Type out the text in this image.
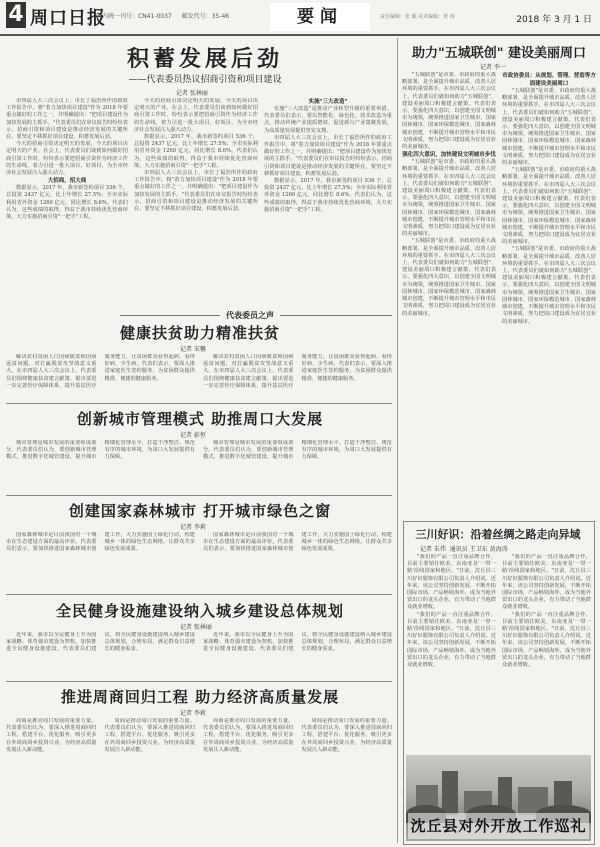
4 周口日报
国内统一刊号：CN41-0037 邮发代号：35-46	要闻	责任编辑：张 颖 美术编辑：黄 涛	2018 年 3 月 1 日
积蓄发展后劲
——代表委员热议招商引资和项目建设
记者 张林丽

市四届人大三次会议上，市长丁福浩所作的政府工作报告中，将"着力加快项目建设"作为 2018 年要重点做好的工作之一，并明确提出："把项目建设作为加快发展的主抓手。"代表委员们在审议报告时纷纷表示，招商引资和项目建设是推动经济发展的关键所在，要坚定不移抓好项目建设，积蓄发展后劲。

今天的招商引资决定明天的发展，今天的项目决定明天的产业。在会上，代表委员们谈到如何做好招商引资工作时，纷纷表示要把招商引资作为经济工作的生命线，着力引进一批大项目、好项目，为全市经济社会发展注入强大动力。

大招商，招大商

数据显示，2017 年，我市新签约项目 536 个，总投资 2437 亿元，比上年增长 27.5%；全市实际利用省外资金 1260 亿元，同比增长 8.6%。代表们认为，这些成绩的取得，得益于我市持续优化营商环境，大力实施招商引资"一把手"工程。

今天的招商引资决定明天的发展，今天的项目决定明天的产业。在会上，代表委员们谈到如何做好招商引资工作时，纷纷表示要把招商引资作为经济工作的生命线，着力引进一批大项目、好项目，为全市经济社会发展注入强大动力。

数据显示，2017 年，我市新签约项目 536 个，总投资 2437 亿元，比上年增长 27.5%；全市实际利用省外资金 1260 亿元，同比增长 8.6%。代表们认为，这些成绩的取得，得益于我市持续优化营商环境，大力实施招商引资"一把手"工程。

市四届人大三次会议上，市长丁福浩所作的政府工作报告中，将"着力加快项目建设"作为 2018 年要重点做好的工作之一，并明确提出："把项目建设作为加快发展的主抓手。"代表委员们在审议报告时纷纷表示，招商引资和项目建设是推动经济发展的关键所在，要坚定不移抓好项目建设，积蓄发展后劲。

实施"三大改造"

实施"三大改造"是推动产业转型升级的重要举措。代表委员们表示，要以智能化、绿色化、技术改造为重点，推动传统产业提质增效，促进新兴产业集聚发展，为高质量发展提供坚实支撑。

市四届人大三次会议上，市长丁福浩所作的政府工作报告中，将"着力加快项目建设"作为 2018 年要重点做好的工作之一，并明确提出："把项目建设作为加快发展的主抓手。"代表委员们在审议报告时纷纷表示，招商引资和项目建设是推动经济发展的关键所在，要坚定不移抓好项目建设，积蓄发展后劲。

数据显示，2017 年，我市新签约项目 536 个，总投资 2437 亿元，比上年增长 27.5%；全市实际利用省外资金 1260 亿元，同比增长 8.6%。代表们认为，这些成绩的取得，得益于我市持续优化营商环境，大力实施招商引资"一把手"工程。

代表委员之声
健康扶贫助力精准扶贫
记者 宋馨

解决农村贫困人口因病致贫和因病返贫问题，对打赢脱贫攻坚战意义重大。在市四届人大三次会议上，代表委员们围绕健康扶贫建言献策，提出要进一步完善医疗保障体系，提升基层医疗服务能力，让贫困群众看得起病、看得好病、少生病。代表们表示，要深入推进家庭医生签约服务，为贫困群众提供精准、便捷的健康服务。

解决农村贫困人口因病致贫和因病返贫问题，对打赢脱贫攻坚战意义重大。在市四届人大三次会议上，代表委员们围绕健康扶贫建言献策，提出要进一步完善医疗保障体系，提升基层医疗服务能力，让贫困群众看得起病、看得好病、少生病。代表们表示，要深入推进家庭医生签约服务，为贫困群众提供精准、便捷的健康服务。

创新城市管理模式 助推周口大发展
记者 彭恒

城市管理是城市发展的重要组成部分。代表委员们认为，要创新城市管理模式，推进数字化城管建设，提升城市精细化管理水平，打造干净整洁、规范有序的城市环境，为周口大发展提供有力保障。

城市管理是城市发展的重要组成部分。代表委员们认为，要创新城市管理模式，推进数字化城管建设，提升城市精细化管理水平，打造干净整洁、规范有序的城市环境，为周口大发展提供有力保障。

创建国家森林城市 打开城市绿色之窗
记者 李莉

国家森林城市是目前我国对一个城市在生态建设方面的最高评价。代表委员们表示，要加快推进国家森林城市创建工作，大力实施国土绿化行动，构建城乡一体的绿色生态网络，让群众共享绿色发展成果。

国家森林城市是目前我国对一个城市在生态建设方面的最高评价。代表委员们表示，要加快推进国家森林城市创建工作，大力实施国土绿化行动，构建城乡一体的绿色生态网络，让群众共享绿色发展成果。

全民健身设施建设纳入城乡建设总体规划
记者 张林丽

近年来，我市以全民健身上升为国家战略、体育强市建设为契机，加快推进全民健身设施建设。代表委员们建议，将全民健身设施建设纳入城乡建设总体规划，合理布局，满足群众日益增长的健身需求。

近年来，我市以全民健身上升为国家战略、体育强市建设为契机，加快推进全民健身设施建设。代表委员们建议，将全民健身设施建设纳入城乡建设总体规划，合理布局，满足群众日益增长的健身需求。

推进周商回归工程 助力经济高质量发展
记者 李莉

周商是推动周口发展的重要力量。代表委员们认为，要深入推进周商回归工程，搭建平台、优化服务，吸引更多在外周商回乡投资兴业，为经济高质量发展注入新动能。

周商是推动周口发展的重要力量。代表委员们认为，要深入推进周商回归工程，搭建平台、优化服务，吸引更多在外周商回乡投资兴业，为经济高质量发展注入新动能。

周商是推动周口发展的重要力量。代表委员们认为，要深入推进周商回归工程，搭建平台、优化服务，吸引更多在外周商回乡投资兴业，为经济高质量发展注入新动能。

周商是推动周口发展的重要力量。代表委员们认为，要深入推进周商回归工程，搭建平台、优化服务，吸引更多在外周商回乡投资兴业，为经济高质量发展注入新动能。

助力"五城联创" 建设美丽周口
记者 李一

"五城联创"是市委、市政府的重大战略部署，是全面提升城市品质、改善人居环境的重要抓手。在市四届人大三次会议上，代表委员们就如何助力"五城联创"、建设美丽周口积极建言献策。代表们表示，要强化四大意识，以创建全国文明城市为统领，统筹推进国家卫生城市、国家园林城市、国家环保模范城市、国家森林城市创建，不断提升城市管理水平和市民文明素质，努力把周口建设成为宜居宜业的美丽城市。

强化四大意识，加快建设文明城市步伐

"五城联创"是市委、市政府的重大战略部署，是全面提升城市品质、改善人居环境的重要抓手。在市四届人大三次会议上，代表委员们就如何助力"五城联创"、建设美丽周口积极建言献策。代表们表示，要强化四大意识，以创建全国文明城市为统领，统筹推进国家卫生城市、国家园林城市、国家环保模范城市、国家森林城市创建，不断提升城市管理水平和市民文明素质，努力把周口建设成为宜居宜业的美丽城市。

"五城联创"是市委、市政府的重大战略部署，是全面提升城市品质、改善人居环境的重要抓手。在市四届人大三次会议上，代表委员们就如何助力"五城联创"、建设美丽周口积极建言献策。代表们表示，要强化四大意识，以创建全国文明城市为统领，统筹推进国家卫生城市、国家园林城市、国家环保模范城市、国家森林城市创建，不断提升城市管理水平和市民文明素质，努力把周口建设成为宜居宜业的美丽城市。

市政协委员：从规划、管理、营造等方面建设美丽周口

"五城联创"是市委、市政府的重大战略部署，是全面提升城市品质、改善人居环境的重要抓手。在市四届人大三次会议上，代表委员们就如何助力"五城联创"、建设美丽周口积极建言献策。代表们表示，要强化四大意识，以创建全国文明城市为统领，统筹推进国家卫生城市、国家园林城市、国家环保模范城市、国家森林城市创建，不断提升城市管理水平和市民文明素质，努力把周口建设成为宜居宜业的美丽城市。

"五城联创"是市委、市政府的重大战略部署，是全面提升城市品质、改善人居环境的重要抓手。在市四届人大三次会议上，代表委员们就如何助力"五城联创"、建设美丽周口积极建言献策。代表们表示，要强化四大意识，以创建全国文明城市为统领，统筹推进国家卫生城市、国家园林城市、国家环保模范城市、国家森林城市创建，不断提升城市管理水平和市民文明素质，努力把周口建设成为宜居宜业的美丽城市。

"五城联创"是市委、市政府的重大战略部署，是全面提升城市品质、改善人居环境的重要抓手。在市四届人大三次会议上，代表委员们就如何助力"五城联创"、建设美丽周口积极建言献策。代表们表示，要强化四大意识，以创建全国文明城市为统领，统筹推进国家卫生城市、国家园林城市、国家环保模范城市、国家森林城市创建，不断提升城市管理水平和市民文明素质，努力把周口建设成为宜居宜业的美丽城市。

三川好识：沿着丝绸之路走向异域
记者 朱伟 通讯员 王卫东 黄海涛

"我们的产品一直注重品牌合作，目前主要销往欧美、东南亚及'一带一路'沿线国家和地区。"日前，沈丘县三川好识服饰有限公司负责人介绍说。近年来，该公司坚持创新发展，不断开拓国际市场，产品畅销海外，成为当地外贸出口的龙头企业，有力带动了当地群众就业增收。

"我们的产品一直注重品牌合作，目前主要销往欧美、东南亚及'一带一路'沿线国家和地区。"日前，沈丘县三川好识服饰有限公司负责人介绍说。近年来，该公司坚持创新发展，不断开拓国际市场，产品畅销海外，成为当地外贸出口的龙头企业，有力带动了当地群众就业增收。

"我们的产品一直注重品牌合作，目前主要销往欧美、东南亚及'一带一路'沿线国家和地区。"日前，沈丘县三川好识服饰有限公司负责人介绍说。近年来，该公司坚持创新发展，不断开拓国际市场，产品畅销海外，成为当地外贸出口的龙头企业，有力带动了当地群众就业增收。

"我们的产品一直注重品牌合作，目前主要销往欧美、东南亚及'一带一路'沿线国家和地区。"日前，沈丘县三川好识服饰有限公司负责人介绍说。近年来，该公司坚持创新发展，不断开拓国际市场，产品畅销海外，成为当地外贸出口的龙头企业，有力带动了当地群众就业增收。

沈丘县对外开放工作巡礼
